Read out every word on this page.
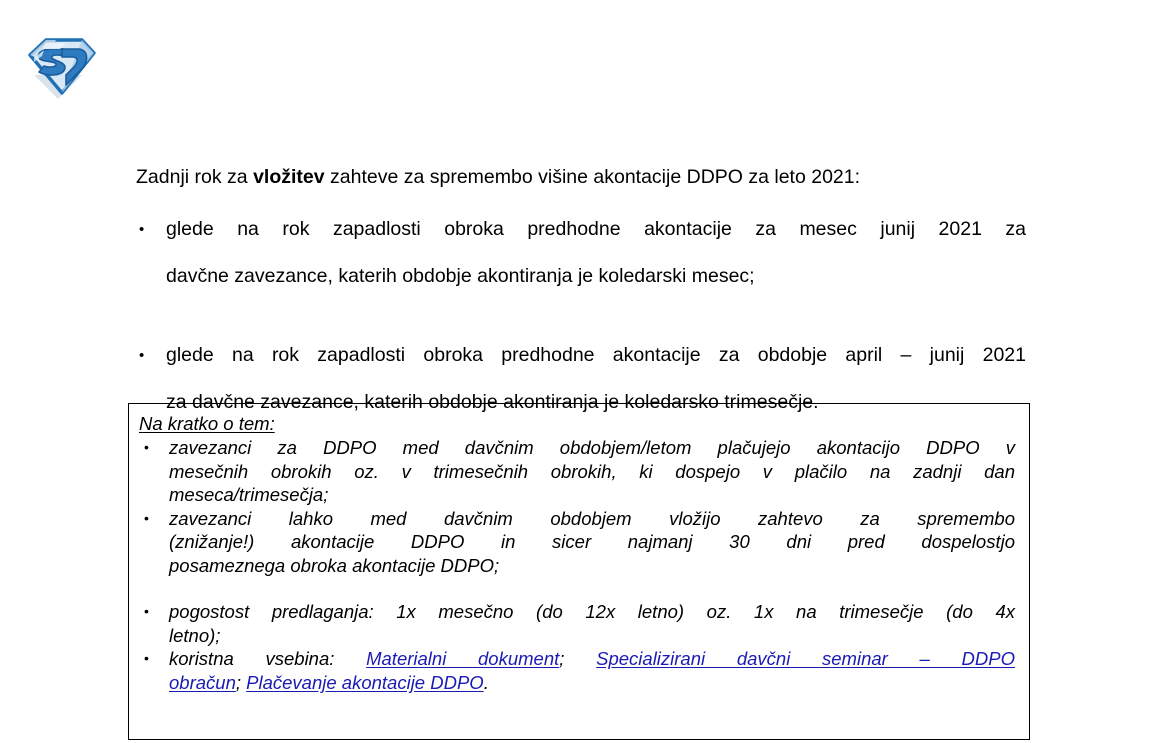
Zadnji rok za vložitev zahteve za spremembo višine akontacije DDPO za leto 2021:
• glede na rok zapadlosti obroka predhodne akontacije za mesec junij 2021 za
davčne zavezance, katerih obdobje akontiranja je koledarski mesec;
• glede na rok zapadlosti obroka predhodne akontacije za obdobje april – junij 2021
za davčne zavezance, katerih obdobje akontiranja je koledarsko trimesečje.
Na kratko o tem:
• zavezanci za DDPO med davčnim obdobjem/letom plačujejo akontacijo DDPO v
mesečnih obrokih oz. v trimesečnih obrokih, ki dospejo v plačilo na zadnji dan
meseca/trimesečja;
• zavezanci lahko med davčnim obdobjem vložijo zahtevo za spremembo
(znižanje!) akontacije DDPO in sicer najmanj 30 dni pred dospelostjo
posameznega obroka akontacije DDPO;
• pogostost predlaganja: 1x mesečno (do 12x letno) oz. 1x na trimesečje (do 4x
letno);
• koristna vsebina: Materialni dokument; Specializirani davčni seminar – DDPO
obračun; Plačevanje akontacije DDPO.
